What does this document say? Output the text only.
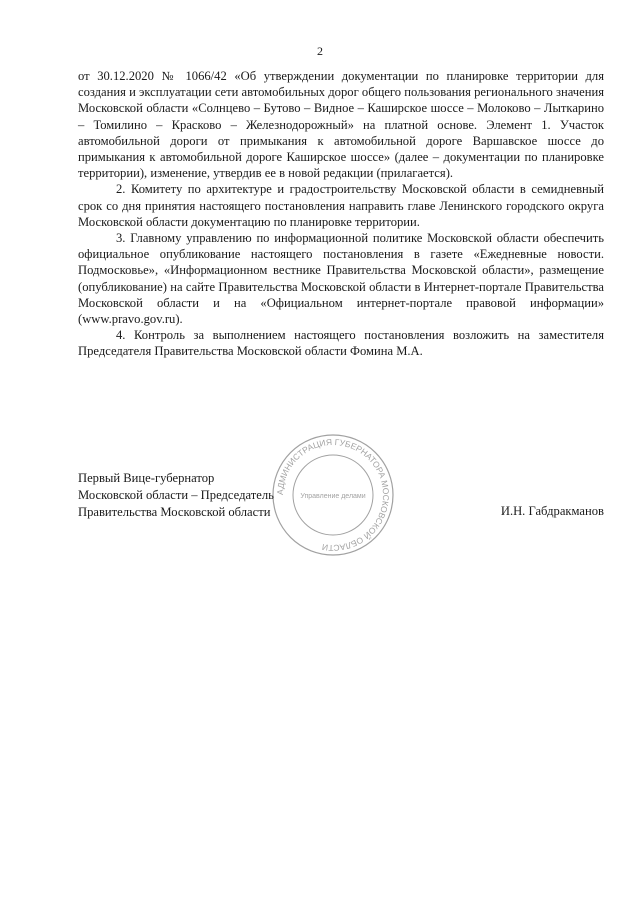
2

от 30.12.2020 № 1066/42 «Об утверждении документации по планировке территории для создания и эксплуатации сети автомобильных дорог общего пользования регионального значения Московской области «Солнцево – Бутово – Видное – Каширское шоссе – Молоково – Лыткарино – Томилино – Красково – Железнодорожный» на платной основе. Элемент 1. Участок автомобильной дороги от примыкания к автомобильной дороге Варшавское шоссе до примыкания к автомобильной дороге Каширское шоссе» (далее – документации по планировке территории), изменение, утвердив ее в новой редакции (прилагается).

2. Комитету по архитектуре и градостроительству Московской области в семидневный срок со дня принятия настоящего постановления направить главе Ленинского городского округа Московской области документацию по планировке территории.

3. Главному управлению по информационной политике Московской области обеспечить официальное опубликование настоящего постановления в газете «Ежедневные новости. Подмосковье», «Информационном вестнике Правительства Московской области», размещение (опубликование) на сайте Правительства Московской области в Интернет-портале Правительства Московской области и на «Официальном интернет-портале правовой информации» (www.pravo.gov.ru).

4. Контроль за выполнением настоящего постановления возложить на заместителя Председателя Правительства Московской области Фомина М.А.

АДМИНИСТРАЦИЯ ГУБЕРНАТОРА МОСКОВСКОЙ ОБЛАСТИ
Управление делами
Первый Вице-губернатор
Московской области – Председатель
Правительства Московской области	И.Н. Габдракманов
